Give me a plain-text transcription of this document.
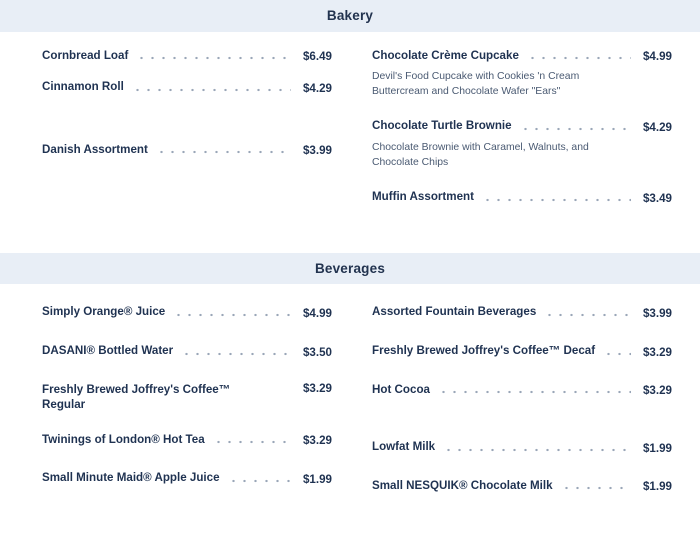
Bakery
Cornbread Loaf	$6.49
Cinnamon Roll	$4.29
Danish Assortment	$3.99
Chocolate Crème Cupcake	$4.99
Devil's Food Cupcake with Cookies 'n Cream Buttercream and Chocolate Wafer "Ears"
Chocolate Turtle Brownie	$4.29
Chocolate Brownie with Caramel, Walnuts, and Chocolate Chips
Muffin Assortment	$3.49
Beverages
Simply Orange® Juice	$4.99
DASANI® Bottled Water	$3.50
Freshly Brewed Joffrey's Coffee™ Regular
$3.29
Twinings of London® Hot Tea	$3.29
Small Minute Maid® Apple Juice	$1.99
Assorted Fountain Beverages	$3.99
Freshly Brewed Joffrey's Coffee™ Decaf	$3.29
Hot Cocoa	$3.29
Lowfat Milk	$1.99
Small NESQUIK® Chocolate Milk	$1.99
